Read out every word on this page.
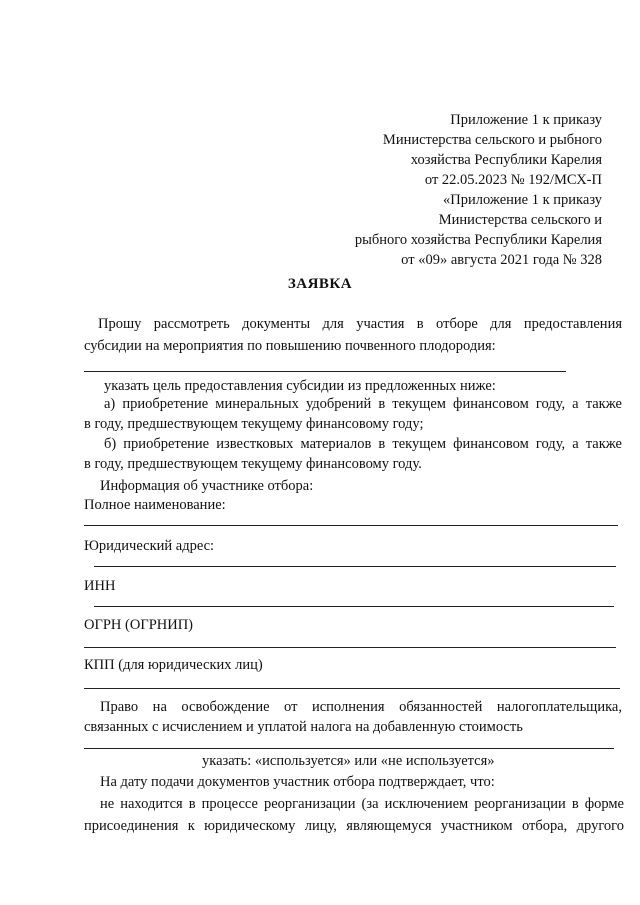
Приложение 1 к приказу
Министерства сельского и рыбного
хозяйства Республики Карелия
от 22.05.2023 № 192/МСХ-П
«Приложение 1 к приказу
Министерства сельского и
рыбного хозяйства Республики Карелия
от «09» августа 2021 года № 328
ЗАЯВКА
Прошу рассмотреть документы для участия в отборе для предоставления
субсидии на мероприятия по повышению почвенного плодородия:
указать цель предоставления субсидии из предложенных ниже:
а) приобретение минеральных удобрений в текущем финансовом году, а также
в году, предшествующем текущему финансовому году;
б) приобретение известковых материалов в текущем финансовом году, а также
в году, предшествующем текущему финансовому году.
Информация об участнике отбора:
Полное наименование:
Юридический адрес:
ИНН
ОГРН (ОГРНИП)
КПП (для юридических лиц)
Право на освобождение от исполнения обязанностей налогоплательщика,
связанных с исчислением и уплатой налога на добавленную стоимость
указать: «используется» или «не используется»
На дату подачи документов участник отбора подтверждает, что:
не находится в процессе реорганизации (за исключением реорганизации в форме
присоединения к юридическому лицу, являющемуся участником отбора, другого
